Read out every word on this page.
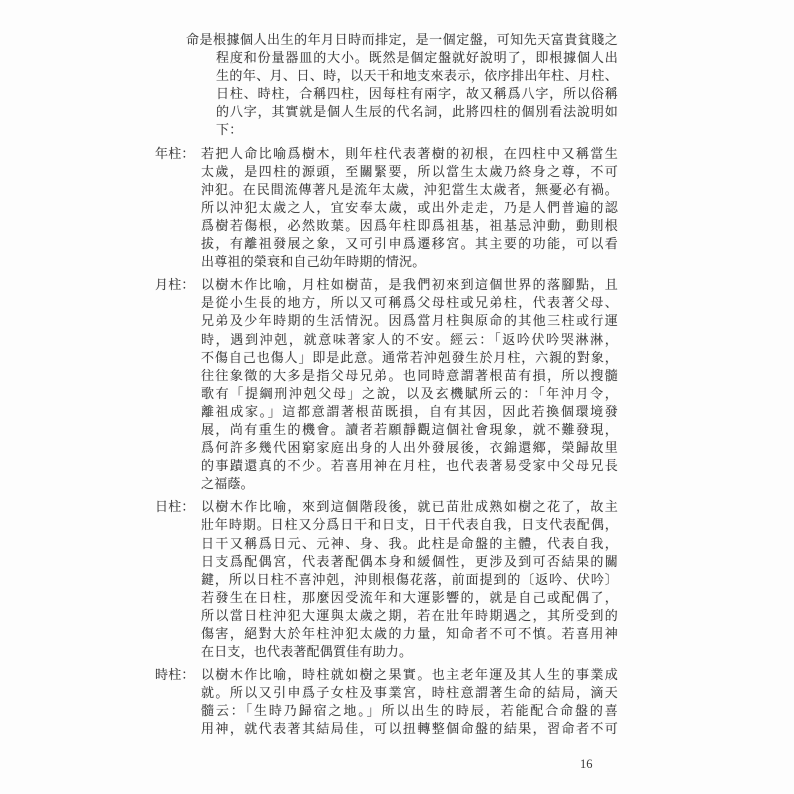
命是根據個人出生的年月日時而排定，是一個定盤，可知先天富貴貧賤之
程度和份量器皿的大小。既然是個定盤就好說明了，即根據個人出
生的年、月、日、時，以天干和地支來表示，依序排出年柱、月柱、
日柱、時柱，合稱四柱，因每柱有兩字，故又稱爲八字，所以俗稱
的八字，其實就是個人生辰的代名詞，此將四柱的個別看法說明如
下：
年柱： 若把人命比喻爲樹木，則年柱代表著樹的初根，在四柱中又稱當生
太歲，是四柱的源頭，至關緊要，所以當生太歲乃終身之尊，不可
沖犯。在民間流傳著凡是流年太歲，沖犯當生太歲者，無憂必有禍。
所以沖犯太歲之人，宜安奉太歲，或出外走走，乃是人們普遍的認
爲樹若傷根，必然敗葉。因爲年柱即爲祖基，祖基忌沖動，動則根
拔，有離祖發展之象，又可引申爲遷移宮。其主要的功能，可以看
出尊祖的榮衰和自己幼年時期的情況。
月柱： 以樹木作比喻，月柱如樹苗，是我們初來到這個世界的落腳點，且
是從小生長的地方，所以又可稱爲父母柱或兄弟柱，代表著父母、
兄弟及少年時期的生活情況。因爲當月柱與原命的其他三柱或行運
時，遇到沖剋，就意味著家人的不安。經云：「返吟伏吟哭淋淋，
不傷自己也傷人」即是此意。通常若沖剋發生於月柱，六親的對象，
往往象徵的大多是指父母兄弟。也同時意謂著根苗有損，所以搜髓
歌有「提綱刑沖剋父母」之說，以及玄機賦所云的：「年沖月令，
離祖成家。」這都意謂著根苗既損，自有其因，因此若換個環境發
展，尚有重生的機會。讀者若願靜觀這個社會現象，就不難發現，
爲何許多幾代困窮家庭出身的人出外發展後，衣錦還鄉，榮歸故里
的事蹟還真的不少。若喜用神在月柱，也代表著易受家中父母兄長
之福蔭。
日柱： 以樹木作比喻，來到這個階段後，就已苗壯成熟如樹之花了，故主
壯年時期。日柱又分爲日干和日支，日干代表自我，日支代表配偶，
日干又稱爲日元、元神、身、我。此柱是命盤的主體，代表自我，
日支爲配偶宮，代表著配偶本身和緩個性，更涉及到可否結果的關
鍵，所以日柱不喜沖剋，沖則根傷花落，前面提到的〔返吟、伏吟〕
若發生在日柱，那麼因受流年和大運影響的，就是自己或配偶了，
所以當日柱沖犯大運與太歲之期，若在壯年時期遇之，其所受到的
傷害，絕對大於年柱沖犯太歲的力量，知命者不可不慎。若喜用神
在日支，也代表著配偶質佳有助力。
時柱： 以樹木作比喻，時柱就如樹之果實。也主老年運及其人生的事業成
就。所以又引申爲子女柱及事業宮，時柱意謂著生命的結局，滴天
髓云：「生時乃歸宿之地。」所以出生的時辰，若能配合命盤的喜
用神，就代表著其結局佳，可以扭轉整個命盤的結果，習命者不可
16
